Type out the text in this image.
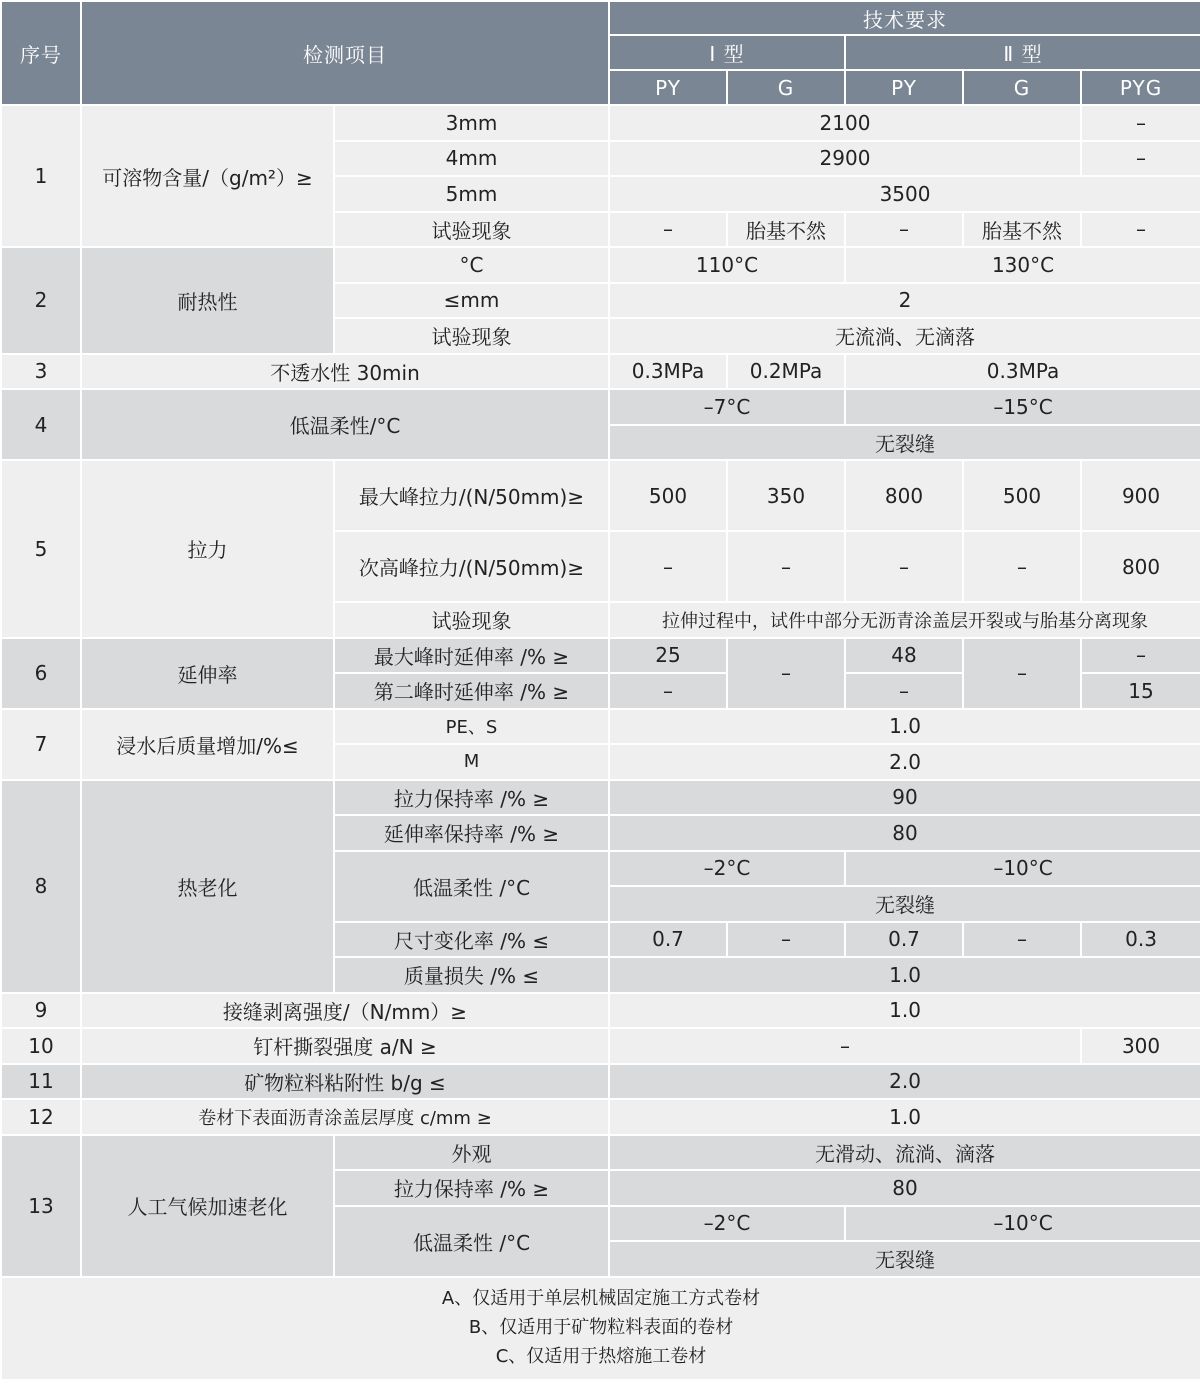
序号	检测项目		技术要求				
			Ⅰ 型		Ⅱ 型		
			PY	G	PY	G	PYG
1	可溶物含量/（g/m²）≥	3mm	2100				–
		4mm	2900				–
		5mm	3500				
		试验现象	–	胎基不然	–	胎基不然	–
2	耐热性	°C	110°C		130°C		
		≤mm	2				
		试验现象	无流淌、无滴落				
3	不透水性 30min		0.3MPa	0.2MPa	0.3MPa		
4	低温柔性/°C		–7°C		–15°C		
			无裂缝				
5	拉力	最大峰拉力/(N/50mm)≥	500	350	800	500	900
		次高峰拉力/(N/50mm)≥	–	–	–	–	800
		试验现象	拉伸过程中，试件中部分无沥青涂盖层开裂或与胎基分离现象				
6	延伸率	最大峰时延伸率 /% ≥	25	–	48	–	–
		第二峰时延伸率 /% ≥	–		–		15
7	浸水后质量增加/%≤	PE、S	1.0				
		M	2.0				
8	热老化	拉力保持率 /% ≥	90				
		延伸率保持率 /% ≥	80				
		低温柔性 /°C	–2°C		–10°C		
			无裂缝				
		尺寸变化率 /% ≤	0.7	–	0.7	–	0.3
		质量损失 /% ≤	1.0				
9	接缝剥离强度/（N/mm）≥		1.0				
10	钉杆撕裂强度 a/N ≥		–				300
11	矿物粒料粘附性 b/g ≤		2.0				
12	卷材下表面沥青涂盖层厚度 c/mm ≥		1.0				
13	人工气候加速老化	外观	无滑动、流淌、滴落				
		拉力保持率 /% ≥	80				
		低温柔性 /°C	–2°C		–10°C		
			无裂缝				

A、仅适用于单层机械固定施工方式卷材
B、仅适用于矿物粒料表面的卷材
C、仅适用于热熔施工卷材							
